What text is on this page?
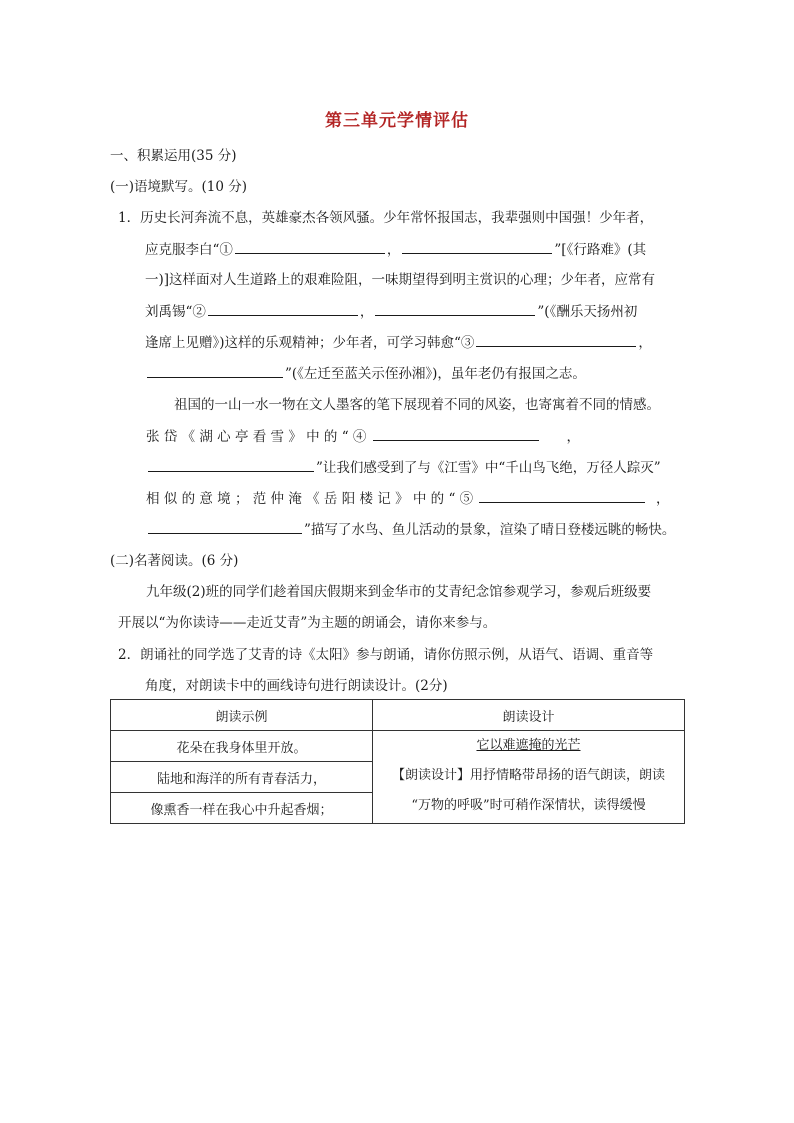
第三单元学情评估
一、积累运用(35 分)
(一)语境默写。(10 分)
1．历史长河奔流不息，英雄豪杰各领风骚。少年常怀报国志，我辈强则中国强！少年者，
应克服李白“①	，	”[《行路难》(其
一)]这样面对人生道路上的艰难险阻，一味期望得到明主赏识的心理；少年者，应常有
刘禹锡“②	，	”(《酬乐天扬州初
逢席上见赠》)这样的乐观精神；少年者，可学习韩愈“③	，
”(《左迁至蓝关示侄孙湘》)，虽年老仍有报国之志。
祖国的一山一水一物在文人墨客的笔下展现着不同的风姿，也寄寓着不同的情感。
张 岱 《 湖 心 亭 看 雪 》 中 的 “ ④	，
”让我们感受到了与《江雪》中“千山鸟飞绝，万径人踪灭”
相 似 的 意 境 ； 范 仲 淹 《 岳 阳 楼 记 》 中 的 “ ⑤	，
”描写了水鸟、鱼儿活动的景象，渲染了晴日登楼远眺的畅快。
(二)名著阅读。(6 分)
九年级(2)班的同学们趁着国庆假期来到金华市的艾青纪念馆参观学习，参观后班级要
开展以“为你读诗——走近艾青”为主题的朗诵会，请你来参与。
2．朗诵社的同学选了艾青的诗《太阳》参与朗诵，请你仿照示例，从语气、语调、重音等
角度，对朗读卡中的画线诗句进行朗读设计。(2分)
朗读示例	朗读设计
花朵在我身体里开放。	它以难遮掩的光芒
【朗读设计】用抒情略带昂扬的语气朗读，朗读
“万物的呼吸”时可稍作深情状，读得缓慢

陆地和海洋的所有青春活力，	
像熏香一样在我心中升起香烟；	
